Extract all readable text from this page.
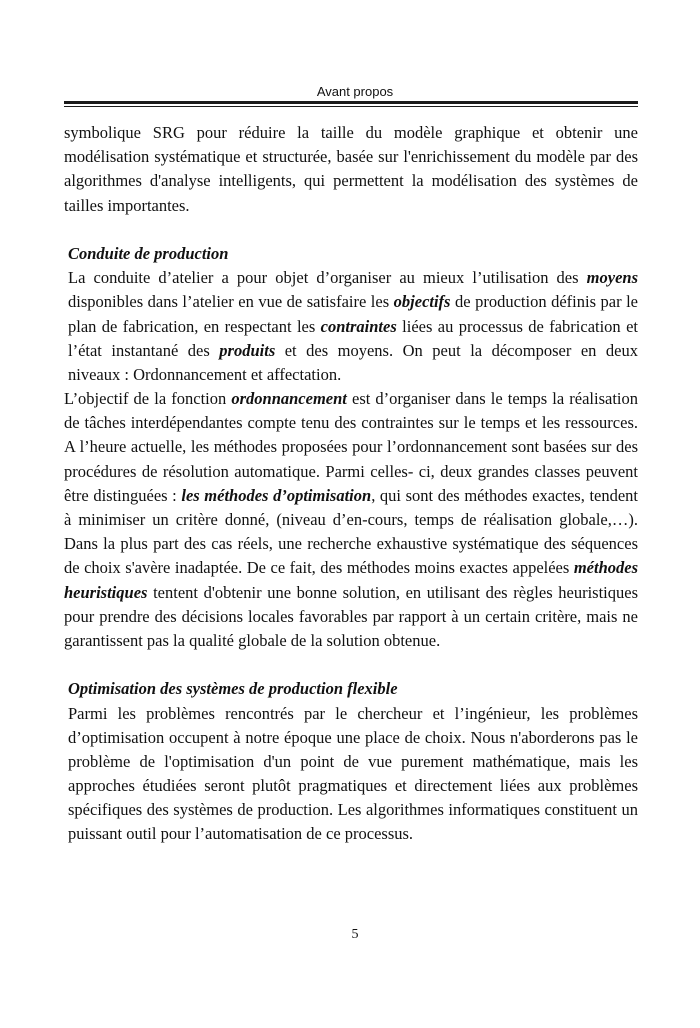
Avant propos
symbolique SRG pour réduire la taille du modèle graphique et obtenir une
modélisation systématique et structurée, basée sur l'enrichissement du modèle par des
algorithmes d'analyse intelligents, qui permettent la modélisation des systèmes de
tailles importantes.
Conduite de production
La conduite d’atelier a pour objet d’organiser au mieux l’utilisation des moyens
disponibles dans l’atelier en vue de satisfaire les objectifs de production définis par le
plan de fabrication, en respectant les contraintes liées au processus de fabrication et
l’état instantané des produits et des moyens. On peut la décomposer en deux
niveaux : Ordonnancement et affectation.
L’objectif de la fonction ordonnancement est d’organiser dans le temps la réalisation
de tâches interdépendantes compte tenu des contraintes sur le temps et les ressources.
A l’heure actuelle, les méthodes proposées pour l’ordonnancement sont basées sur des
procédures de résolution automatique. Parmi celles- ci, deux grandes classes peuvent
être distinguées : les méthodes d’optimisation, qui sont des méthodes exactes, tendent
à minimiser un critère donné, (niveau d’en-cours, temps de réalisation globale,…).
Dans la plus part des cas réels, une recherche exhaustive systématique des séquences
de choix s'avère inadaptée. De ce fait, des méthodes moins exactes appelées méthodes
heuristiques tentent d'obtenir une bonne solution, en utilisant des règles heuristiques
pour prendre des décisions locales favorables par rapport à un certain critère, mais ne
garantissent pas la qualité globale de la solution obtenue.
Optimisation des systèmes de production flexible
Parmi les problèmes rencontrés par le chercheur et l’ingénieur, les problèmes
d’optimisation occupent à notre époque une place de choix. Nous n'aborderons pas le
problème de l'optimisation d'un point de vue purement mathématique, mais les
approches étudiées seront plutôt pragmatiques et directement liées aux problèmes
spécifiques des systèmes de production. Les algorithmes informatiques constituent un
puissant outil pour l’automatisation de ce processus.
5
